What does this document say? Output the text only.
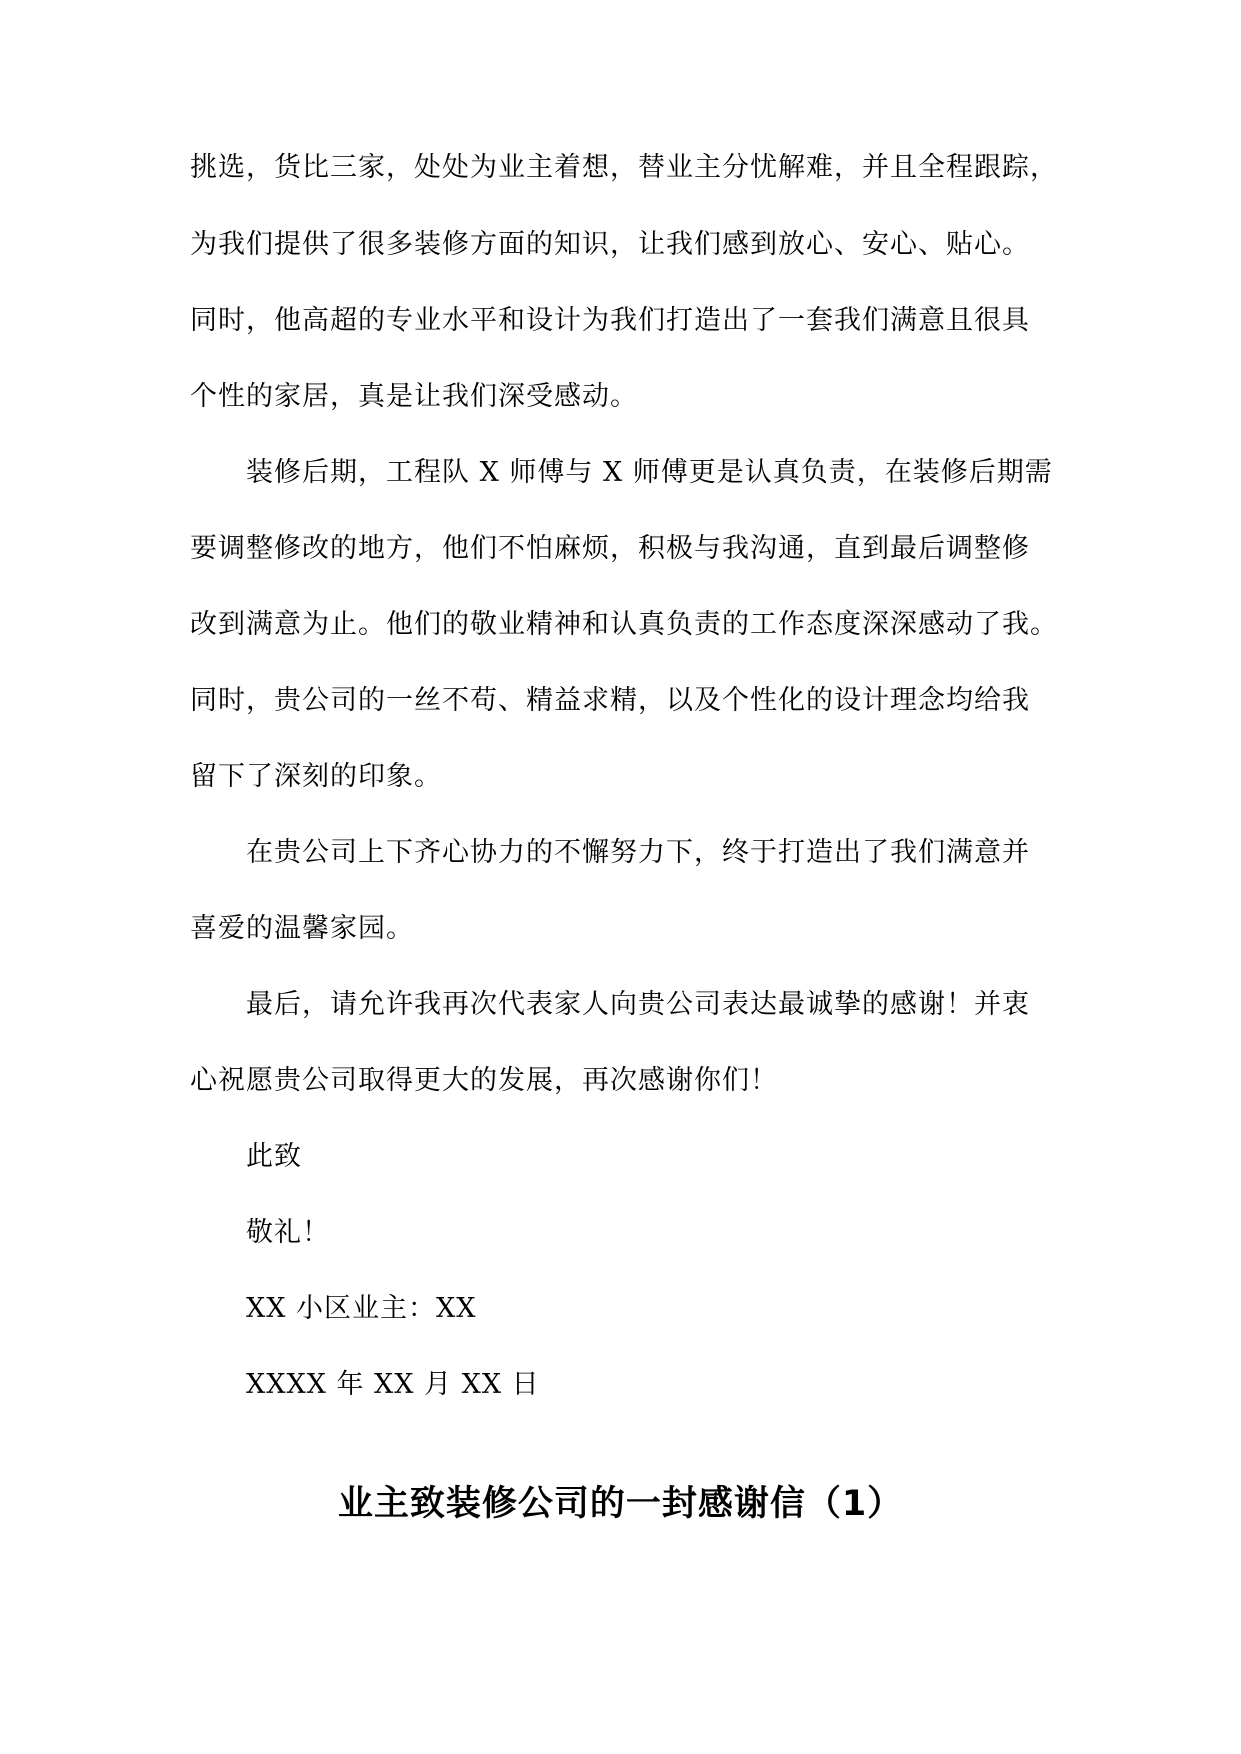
挑选，货比三家，处处为业主着想，替业主分忧解难，并且全程跟踪，
为我们提供了很多装修方面的知识，让我们感到放心、安心、贴心。
同时，他高超的专业水平和设计为我们打造出了一套我们满意且很具
个性的家居，真是让我们深受感动。
装修后期，工程队 X 师傅与 X 师傅更是认真负责，在装修后期需
要调整修改的地方，他们不怕麻烦，积极与我沟通，直到最后调整修
改到满意为止。他们的敬业精神和认真负责的工作态度深深感动了我。
同时，贵公司的一丝不苟、精益求精，以及个性化的设计理念均给我
留下了深刻的印象。
在贵公司上下齐心协力的不懈努力下，终于打造出了我们满意并
喜爱的温馨家园。
最后，请允许我再次代表家人向贵公司表达最诚挚的感谢！并衷
心祝愿贵公司取得更大的发展，再次感谢你们！
此致
敬礼！
XX 小区业主：XX
XXXX 年 XX 月 XX 日
业主致装修公司的一封感谢信（1）
